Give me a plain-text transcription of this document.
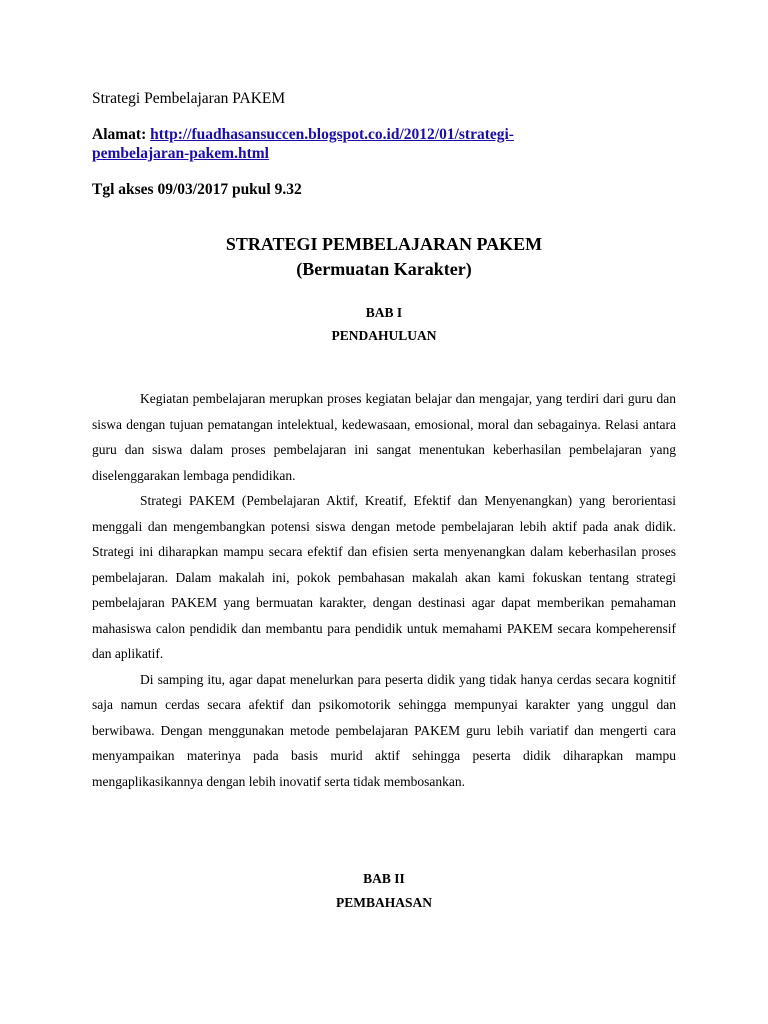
Strategi Pembelajaran PAKEM
Alamat: http://fuadhasansuccen.blogspot.co.id/2012/01/strategi-pembelajaran-pakem.html
Tgl akses 09/03/2017 pukul 9.32
STRATEGI PEMBELAJARAN PAKEM
(Bermuatan Karakter)
BAB I
PENDAHULUAN

Kegiatan pembelajaran merupkan proses kegiatan belajar dan mengajar, yang terdiri dari guru dan siswa dengan tujuan pematangan intelektual, kedewasaan, emosional, moral dan sebagainya. Relasi antara guru dan siswa dalam proses pembelajaran ini sangat menentukan keberhasilan pembelajaran yang diselenggarakan lembaga pendidikan.

Strategi PAKEM (Pembelajaran Aktif, Kreatif, Efektif dan Menyenangkan) yang berorientasi menggali dan mengembangkan potensi siswa dengan metode pembelajaran lebih aktif pada anak didik. Strategi ini diharapkan mampu secara efektif dan efisien serta menyenangkan dalam keberhasilan proses pembelajaran. Dalam makalah ini, pokok pembahasan makalah akan kami fokuskan tentang strategi pembelajaran PAKEM yang bermuatan karakter, dengan destinasi agar dapat memberikan pemahaman mahasiswa calon pendidik dan membantu para pendidik untuk memahami PAKEM secara kompeherensif dan aplikatif.

Di samping itu, agar dapat menelurkan para peserta didik yang tidak hanya cerdas secara kognitif saja namun cerdas secara afektif dan psikomotorik sehingga mempunyai karakter yang unggul dan berwibawa. Dengan menggunakan metode pembelajaran PAKEM guru lebih variatif dan mengerti cara menyampaikan materinya pada basis murid aktif sehingga peserta didik diharapkan mampu mengaplikasikannya dengan lebih inovatif serta tidak membosankan.

BAB II
PEMBAHASAN
